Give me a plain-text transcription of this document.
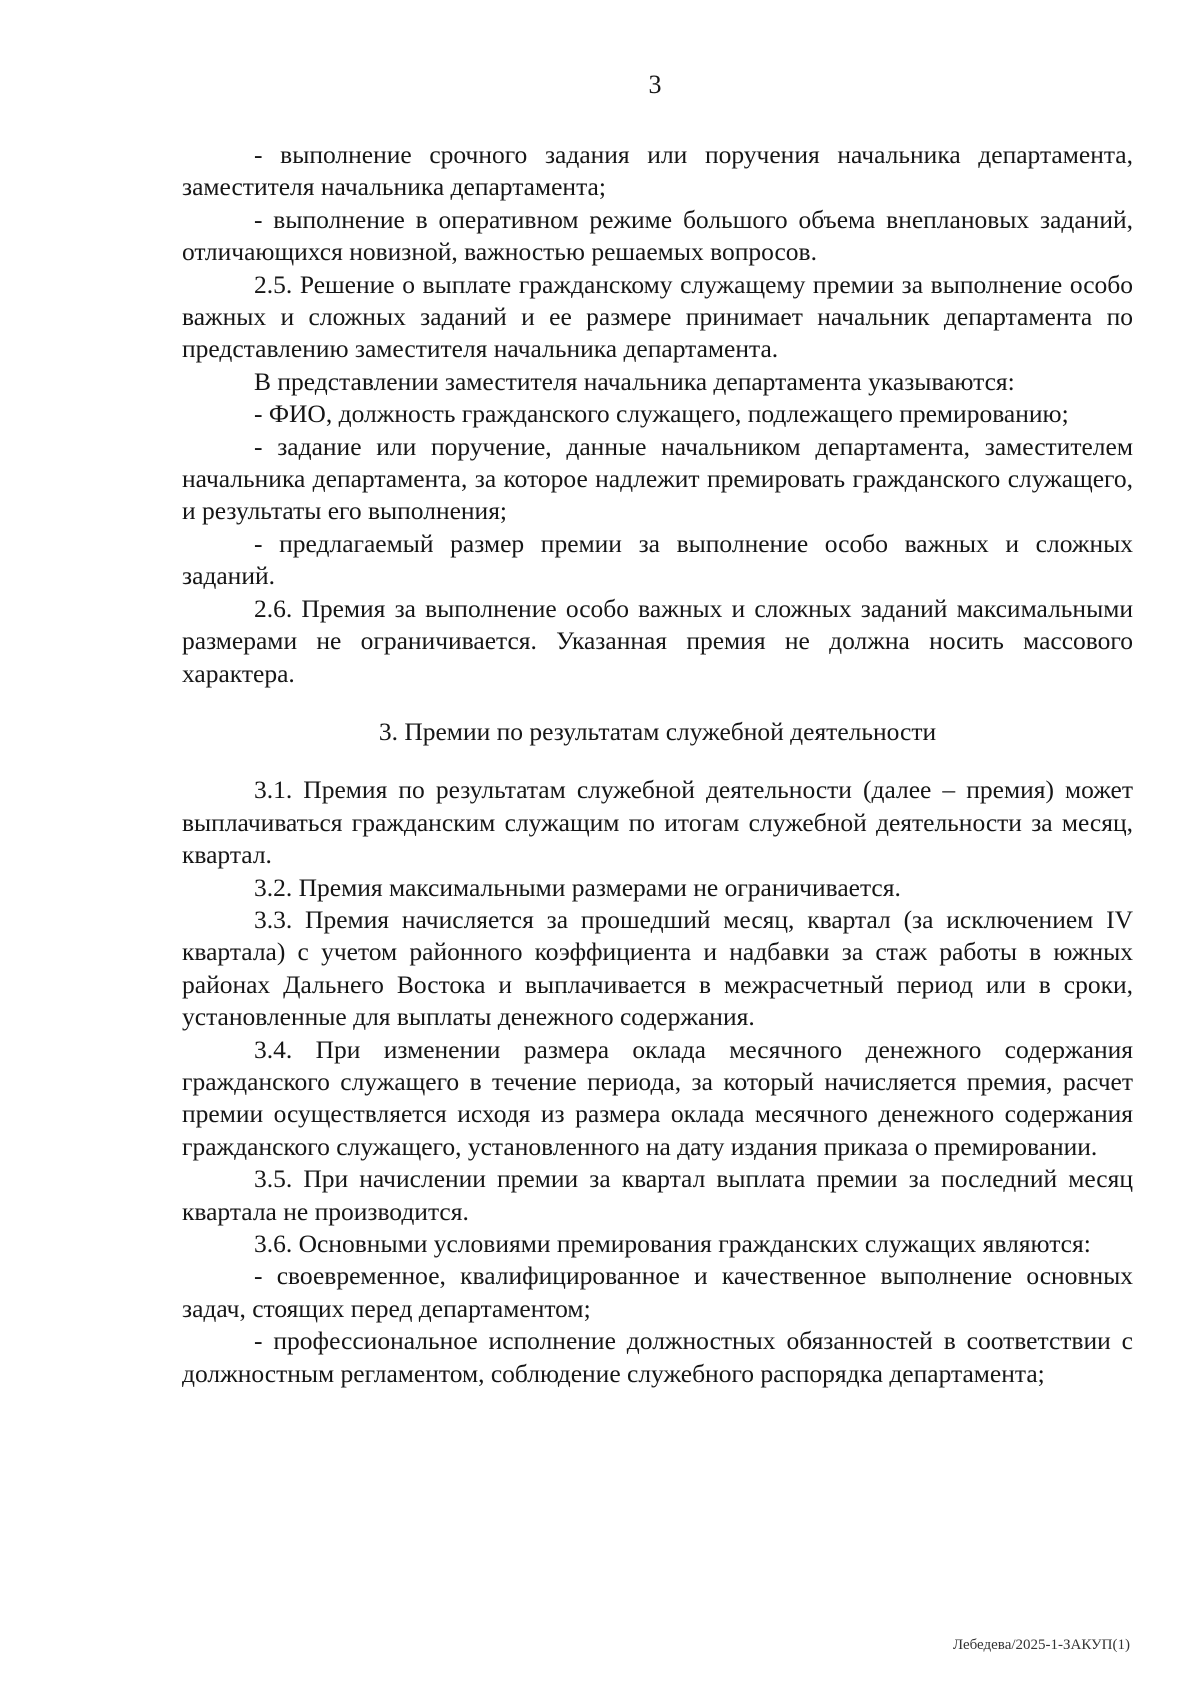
3

- выполнение срочного задания или поручения начальника департамента, заместителя начальника департамента;

- выполнение в оперативном режиме большого объема внеплановых заданий, отличающихся новизной, важностью решаемых вопросов.

2.5. Решение о выплате гражданскому служащему премии за выполнение особо важных и сложных заданий и ее размере принимает начальник департамента по представлению заместителя начальника департамента.

В представлении заместителя начальника департамента указываются:

- ФИО, должность гражданского служащего, подлежащего премированию;

- задание или поручение, данные начальником департамента, заместителем начальника департамента, за которое надлежит премировать гражданского служащего, и результаты его выполнения;

- предлагаемый размер премии за выполнение особо важных и сложных заданий.

2.6. Премия за выполнение особо важных и сложных заданий максимальными размерами не ограничивается. Указанная премия не должна носить массового характера.

3. Премии по результатам служебной деятельности

3.1. Премия по результатам служебной деятельности (далее – премия) может выплачиваться гражданским служащим по итогам служебной деятельности за месяц, квартал.

3.2. Премия максимальными размерами не ограничивается.

3.3. Премия начисляется за прошедший месяц, квартал (за исключением IV квартала) с учетом районного коэффициента и надбавки за стаж работы в южных районах Дальнего Востока и выплачивается в межрасчетный период или в сроки, установленные для выплаты денежного содержания.

3.4. При изменении размера оклада месячного денежного содержания гражданского служащего в течение периода, за который начисляется премия, расчет премии осуществляется исходя из размера оклада месячного денежного содержания гражданского служащего, установленного на дату издания приказа о премировании.

3.5. При начислении премии за квартал выплата премии за последний месяц квартала не производится.

3.6. Основными условиями премирования гражданских служащих являются:

- своевременное, квалифицированное и качественное выполнение основных задач, стоящих перед департаментом;

- профессиональное исполнение должностных обязанностей в соответствии с должностным регламентом, соблюдение служебного распорядка департамента;

Лебедева/2025-1-ЗАКУП(1)
